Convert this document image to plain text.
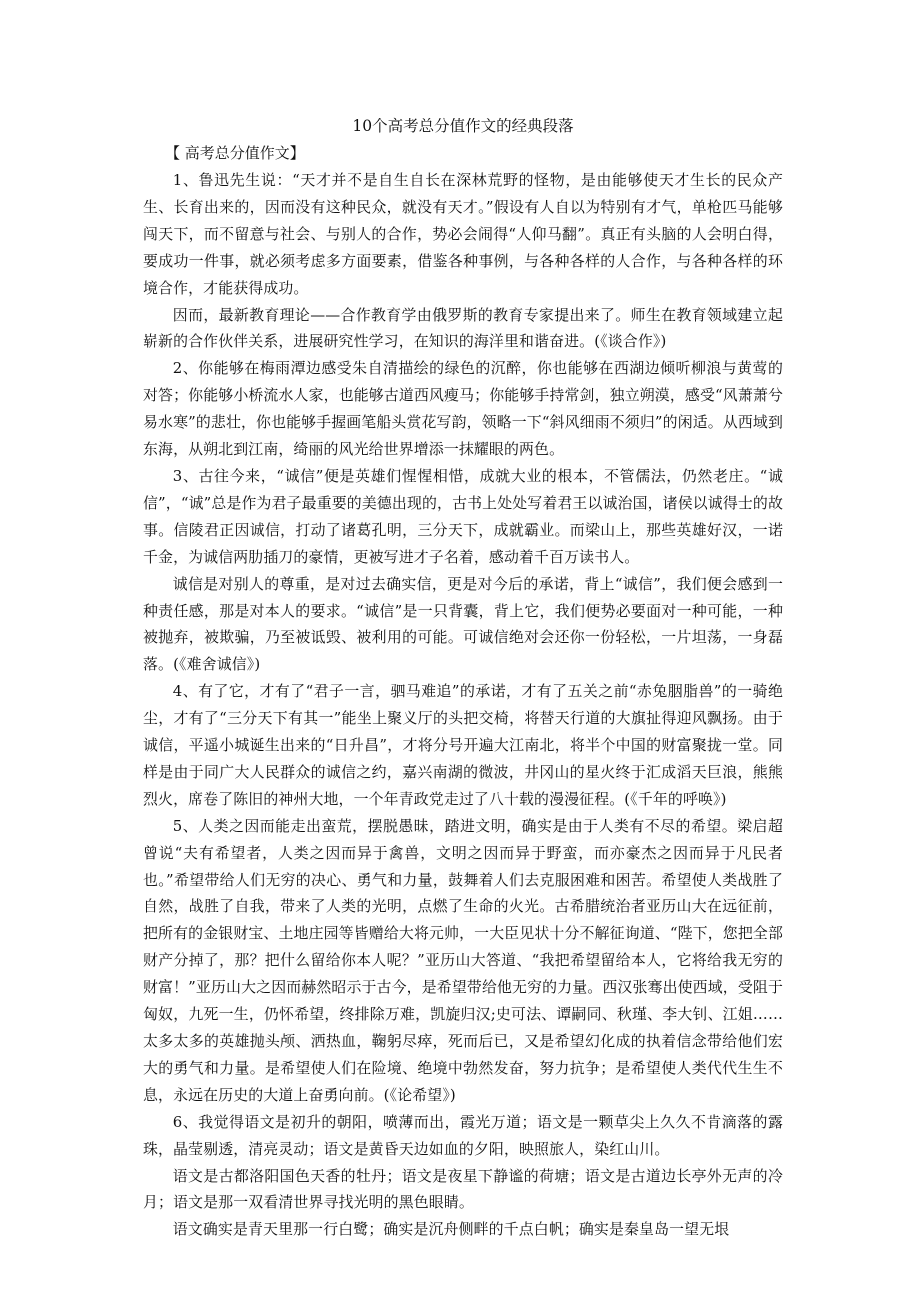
10个高考总分值作文的经典段落

【 高考总分值作文】

1、鲁迅先生说：“天才并不是自生自长在深林荒野的怪物，是由能够使天才生长的民众产生、长育出来的，因而没有这种民众，就没有天才。”假设有人自以为特别有才气，单枪匹马能够闯天下，而不留意与社会、与别人的合作，势必会闹得“人仰马翻”。真正有头脑的人会明白得，要成功一件事，就必须考虑多方面要素，借鉴各种事例，与各种各样的人合作，与各种各样的环境合作，才能获得成功。

因而，最新教育理论——合作教育学由俄罗斯的教育专家提出来了。师生在教育领域建立起崭新的合作伙伴关系，进展研究性学习，在知识的海洋里和谐奋进。(《谈合作》)

2、你能够在梅雨潭边感受朱自清描绘的绿色的沉醉，你也能够在西湖边倾听柳浪与黄莺的对答；你能够小桥流水人家，也能够古道西风瘦马；你能够手持常剑，独立朔漠，感受“风萧萧兮易水寒”的悲壮，你也能够手握画笔船头赏花写韵，领略一下“斜风细雨不须归”的闲适。从西域到东海，从朔北到江南，绮丽的风光给世界增添一抹耀眼的两色。

3、古往今来，“诚信”便是英雄们惺惺相惜，成就大业的根本，不管儒法，仍然老庄。“诚信”，“诚”总是作为君子最重要的美德出现的，古书上处处写着君王以诚治国，诸侯以诚得士的故事。信陵君正因诚信，打动了诸葛孔明，三分天下，成就霸业。而梁山上，那些英雄好汉，一诺千金，为诚信两肋插刀的豪情，更被写进才子名着，感动着千百万读书人。

诚信是对别人的尊重，是对过去确实信，更是对今后的承诺，背上“诚信”，我们便会感到一种责任感，那是对本人的要求。“诚信”是一只背囊，背上它，我们便势必要面对一种可能，一种被抛弃，被欺骗，乃至被诋毁、被利用的可能。可诚信绝对会还你一份轻松，一片坦荡，一身磊落。(《难舍诚信》)

4、有了它，才有了“君子一言，驷马难追”的承诺，才有了五关之前“赤兔胭脂兽”的一骑绝尘，才有了“三分天下有其一”能坐上聚义厅的头把交椅，将替天行道的大旗扯得迎风飘扬。由于诚信，平遥小城诞生出来的“日升昌”，才将分号开遍大江南北，将半个中国的财富聚拢一堂。同样是由于同广大人民群众的诚信之约，嘉兴南湖的微波，井冈山的星火终于汇成滔天巨浪，熊熊烈火，席卷了陈旧的神州大地，一个年青政党走过了八十载的漫漫征程。(《千年的呼唤》)

5、人类之因而能走出蛮荒，摆脱愚昧，踏进文明，确实是由于人类有不尽的希望。梁启超曾说“夫有希望者，人类之因而异于禽兽，文明之因而异于野蛮，而亦豪杰之因而异于凡民者也。”希望带给人们无穷的决心、勇气和力量，鼓舞着人们去克服困难和困苦。希望使人类战胜了自然，战胜了自我，带来了人类的光明，点燃了生命的火光。古希腊统治者亚历山大在远征前，把所有的金银财宝、土地庄园等皆赠给大将元帅，一大臣见状十分不解征询道、“陛下，您把全部财产分掉了，那？把什么留给你本人呢？”亚历山大答道、“我把希望留给本人，它将给我无穷的财富！”亚历山大之因而赫然昭示于古今，是希望带给他无穷的力量。西汉张骞出使西域，受阻于匈奴，九死一生，仍怀希望，终排除万难，凯旋归汉;史可法、谭嗣同、秋瑾、李大钊、江姐……太多太多的英雄抛头颅、洒热血，鞠躬尽瘁，死而后已，又是希望幻化成的执着信念带给他们宏大的勇气和力量。是希望使人们在险境、绝境中勃然发奋，努力抗争；是希望使人类代代生生不息，永远在历史的大道上奋勇向前。(《论希望》)

6、我觉得语文是初升的朝阳，喷薄而出，霞光万道；语文是一颗草尖上久久不肯滴落的露珠，晶莹剔透，清亮灵动；语文是黄昏天边如血的夕阳，映照旅人，染红山川。

语文是古都洛阳国色天香的牡丹；语文是夜星下静谧的荷塘；语文是古道边长亭外无声的冷月；语文是那一双看清世界寻找光明的黑色眼睛。

语文确实是青天里那一行白鹭；确实是沉舟侧畔的千点白帆；确实是秦皇岛一望无垠
